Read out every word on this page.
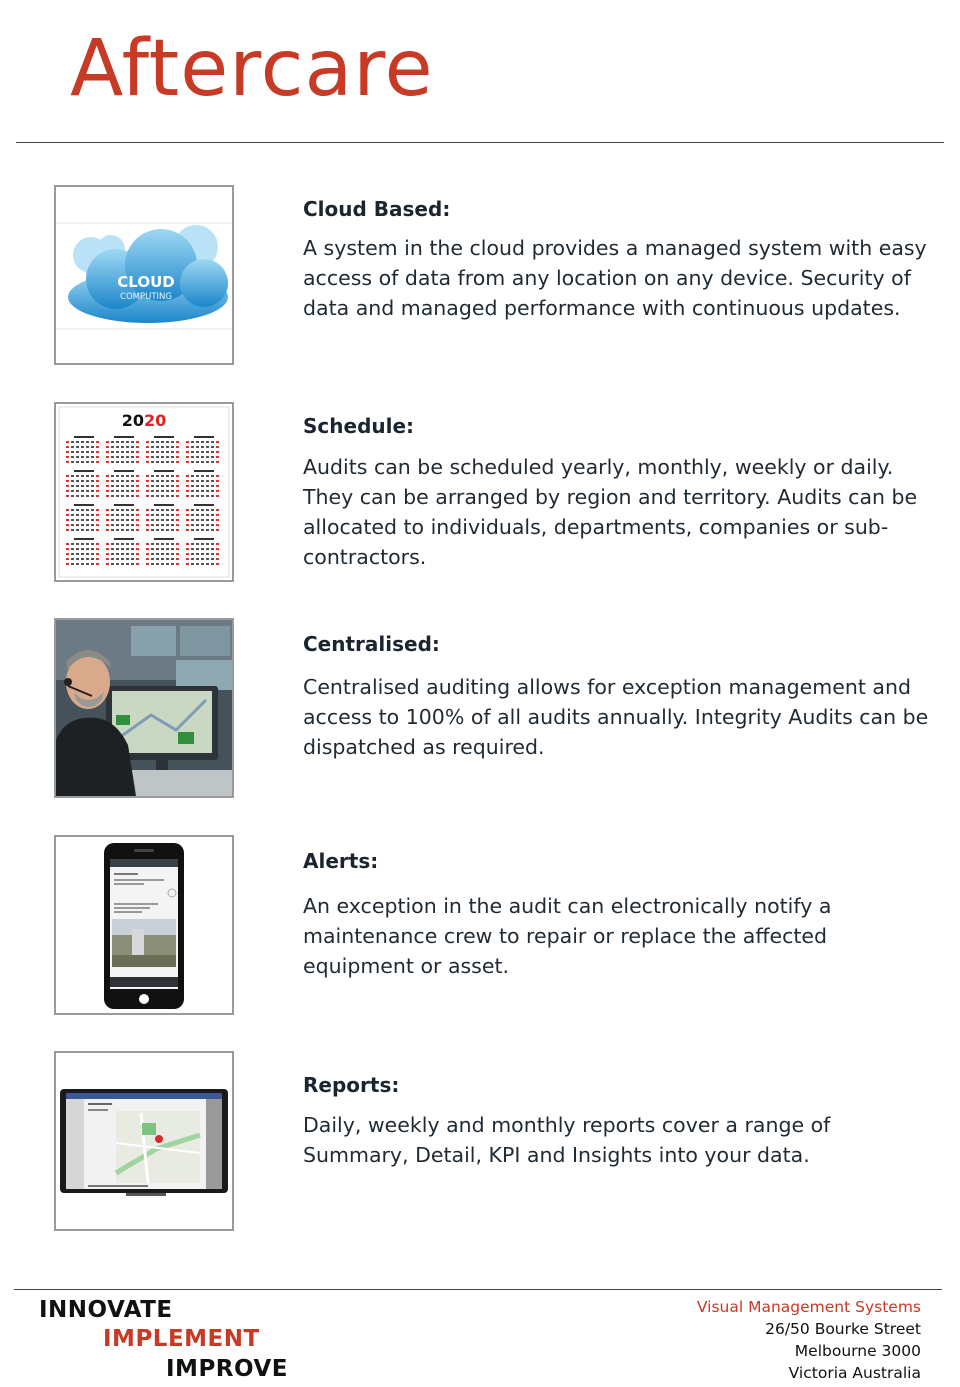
Aftercare
CLOUD
COMPUTING
Cloud Based:

A system in the cloud provides a managed system with easy access of data from any location on any device. Security of data and managed performance with continuous updates.

2020	Schedule:

Audits can be scheduled yearly, monthly, weekly or daily. They can be arranged by region and territory. Audits can be allocated to individuals, departments, companies or sub-contractors.

Centralised:

Centralised auditing allows for exception management and access to 100% of all audits annually. Integrity Audits can be dispatched as required.

Alerts:

An exception in the audit can electronically notify a maintenance crew to repair or replace the affected equipment or asset.

Reports:

Daily, weekly and monthly reports cover a range of Summary, Detail, KPI and Insights into your data.

INNOVATE
IMPLEMENT
IMPROVE
Visual Management Systems
26/50 Bourke Street
Melbourne 3000
Victoria Australia
